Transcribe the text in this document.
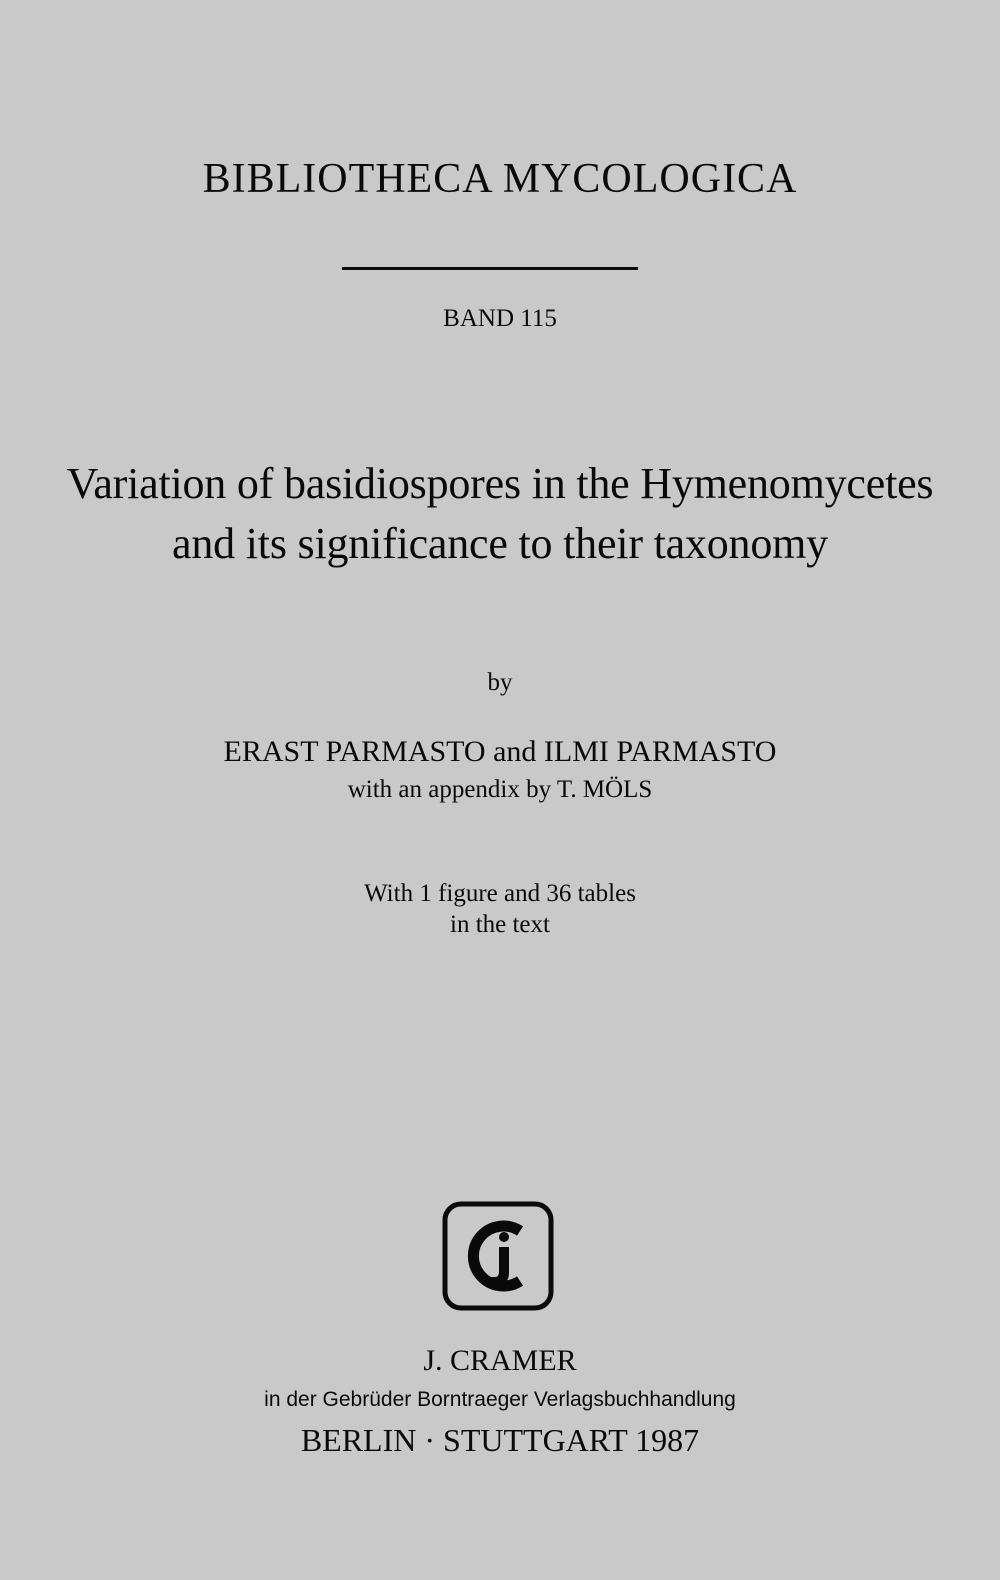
BIBLIOTHECA MYCOLOGICA
BAND 115
Variation of basidiospores in the Hymenomycetes
and its significance to their taxonomy
by
ERAST PARMASTO and ILMI PARMASTO
with an appendix by T. MÖLS
With 1 figure and 36 tables
in the text
J. CRAMER
in der Gebrüder Borntraeger Verlagsbuchhandlung
BERLIN · STUTTGART 1987
